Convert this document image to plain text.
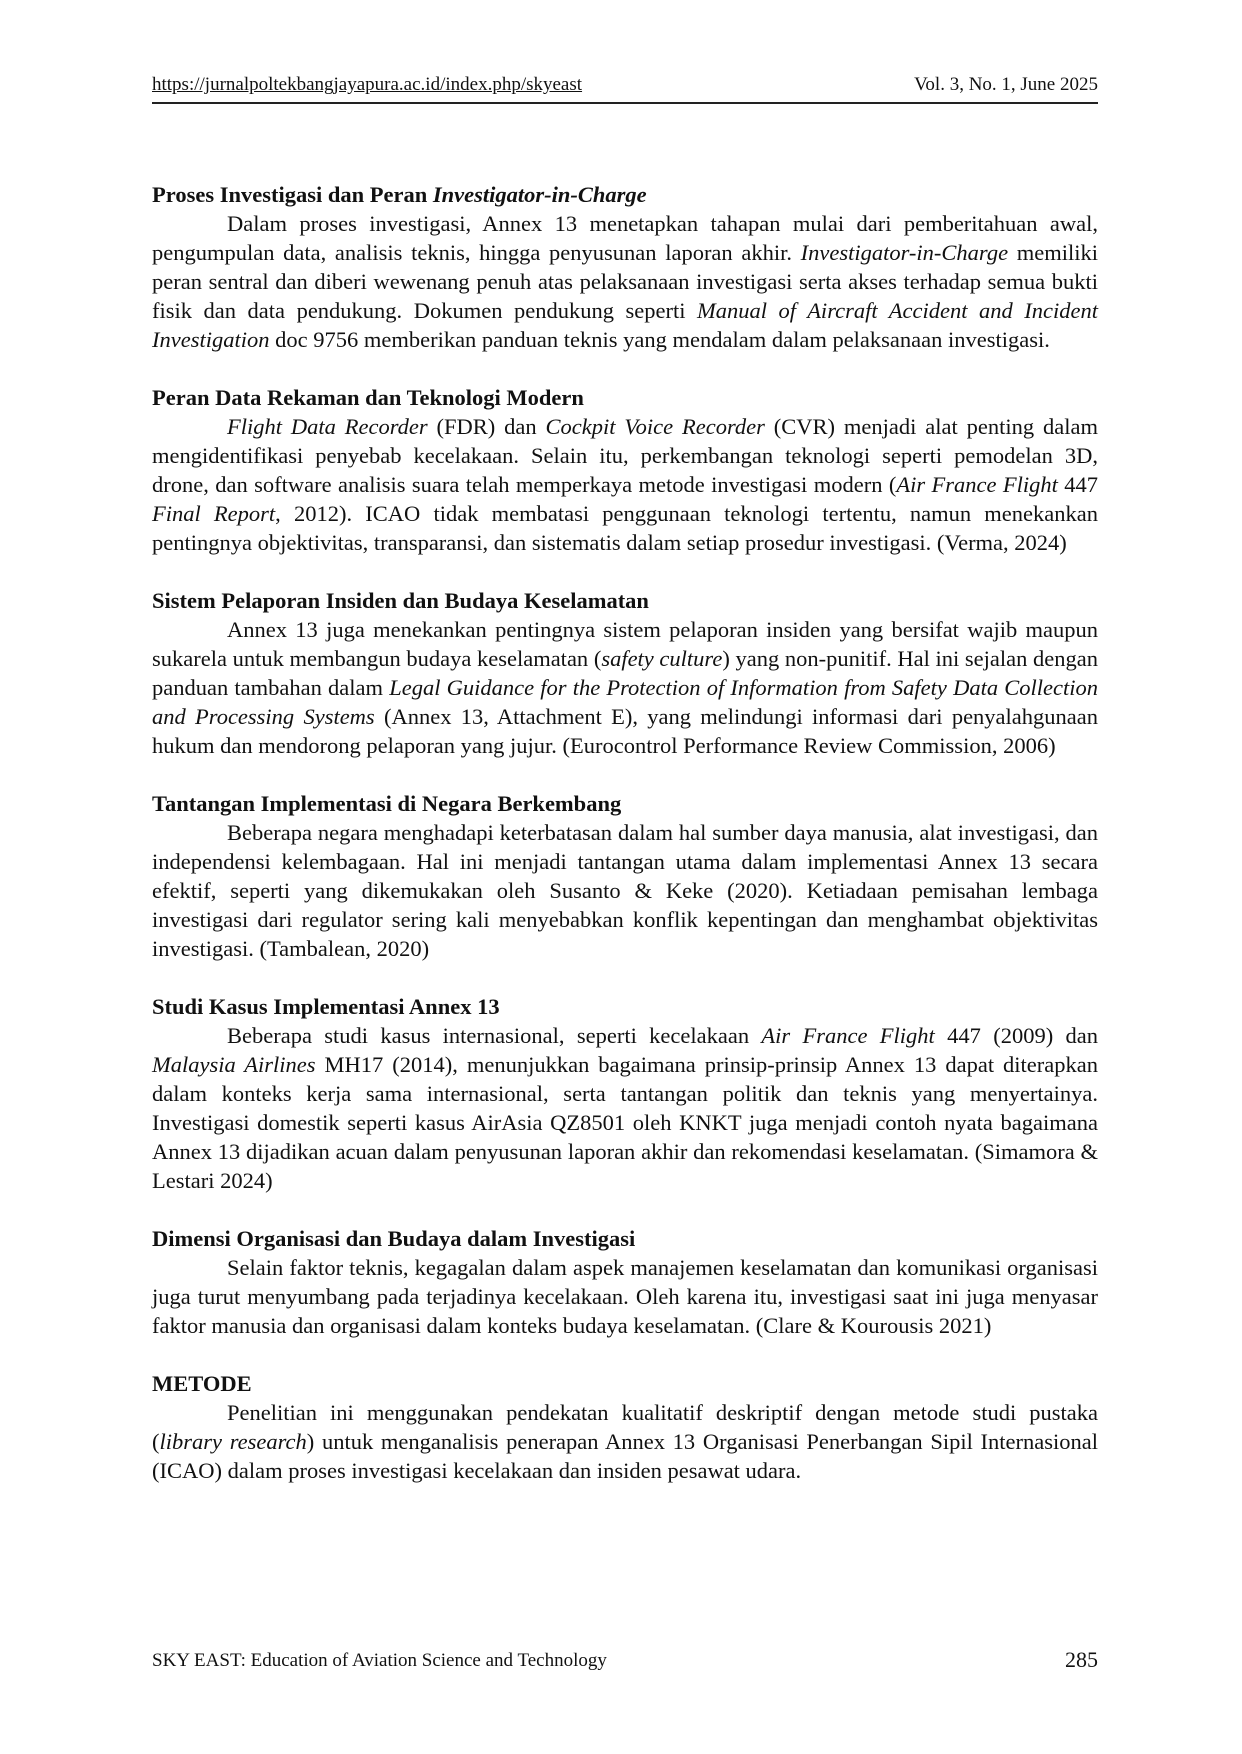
https://jurnalpoltekbangjayapura.ac.id/index.php/skyeast	Vol. 3, No. 1, June 2025

Proses Investigasi dan Peran Investigator-in-Charge

Dalam proses investigasi, Annex 13 menetapkan tahapan mulai dari pemberitahuan awal, pengumpulan data, analisis teknis, hingga penyusunan laporan akhir. Investigator-in-Charge memiliki peran sentral dan diberi wewenang penuh atas pelaksanaan investigasi serta akses terhadap semua bukti fisik dan data pendukung. Dokumen pendukung seperti Manual of Aircraft Accident and Incident Investigation doc 9756 memberikan panduan teknis yang mendalam dalam pelaksanaan investigasi.

Peran Data Rekaman dan Teknologi Modern

Flight Data Recorder (FDR) dan Cockpit Voice Recorder (CVR) menjadi alat penting dalam mengidentifikasi penyebab kecelakaan. Selain itu, perkembangan teknologi seperti pemodelan 3D, drone, dan software analisis suara telah memperkaya metode investigasi modern (Air France Flight 447 Final Report, 2012). ICAO tidak membatasi penggunaan teknologi tertentu, namun menekankan pentingnya objektivitas, transparansi, dan sistematis dalam setiap prosedur investigasi. (Verma, 2024)

Sistem Pelaporan Insiden dan Budaya Keselamatan

Annex 13 juga menekankan pentingnya sistem pelaporan insiden yang bersifat wajib maupun sukarela untuk membangun budaya keselamatan (safety culture) yang non-punitif. Hal ini sejalan dengan panduan tambahan dalam Legal Guidance for the Protection of Information from Safety Data Collection and Processing Systems (Annex 13, Attachment E), yang melindungi informasi dari penyalahgunaan hukum dan mendorong pelaporan yang jujur. (Eurocontrol Performance Review Commission, 2006)

Tantangan Implementasi di Negara Berkembang

Beberapa negara menghadapi keterbatasan dalam hal sumber daya manusia, alat investigasi, dan independensi kelembagaan. Hal ini menjadi tantangan utama dalam implementasi Annex 13 secara efektif, seperti yang dikemukakan oleh Susanto & Keke (2020). Ketiadaan pemisahan lembaga investigasi dari regulator sering kali menyebabkan konflik kepentingan dan menghambat objektivitas investigasi. (Tambalean, 2020)

Studi Kasus Implementasi Annex 13

Beberapa studi kasus internasional, seperti kecelakaan Air France Flight 447 (2009) dan Malaysia Airlines MH17 (2014), menunjukkan bagaimana prinsip-prinsip Annex 13 dapat diterapkan dalam konteks kerja sama internasional, serta tantangan politik dan teknis yang menyertainya. Investigasi domestik seperti kasus AirAsia QZ8501 oleh KNKT juga menjadi contoh nyata bagaimana Annex 13 dijadikan acuan dalam penyusunan laporan akhir dan rekomendasi keselamatan. (Simamora & Lestari 2024)

Dimensi Organisasi dan Budaya dalam Investigasi

Selain faktor teknis, kegagalan dalam aspek manajemen keselamatan dan komunikasi organisasi juga turut menyumbang pada terjadinya kecelakaan. Oleh karena itu, investigasi saat ini juga menyasar faktor manusia dan organisasi dalam konteks budaya keselamatan. (Clare & Kourousis 2021)

METODE

Penelitian ini menggunakan pendekatan kualitatif deskriptif dengan metode studi pustaka (library research) untuk menganalisis penerapan Annex 13 Organisasi Penerbangan Sipil Internasional (ICAO) dalam proses investigasi kecelakaan dan insiden pesawat udara.

SKY EAST: Education of Aviation Science and Technology	285
